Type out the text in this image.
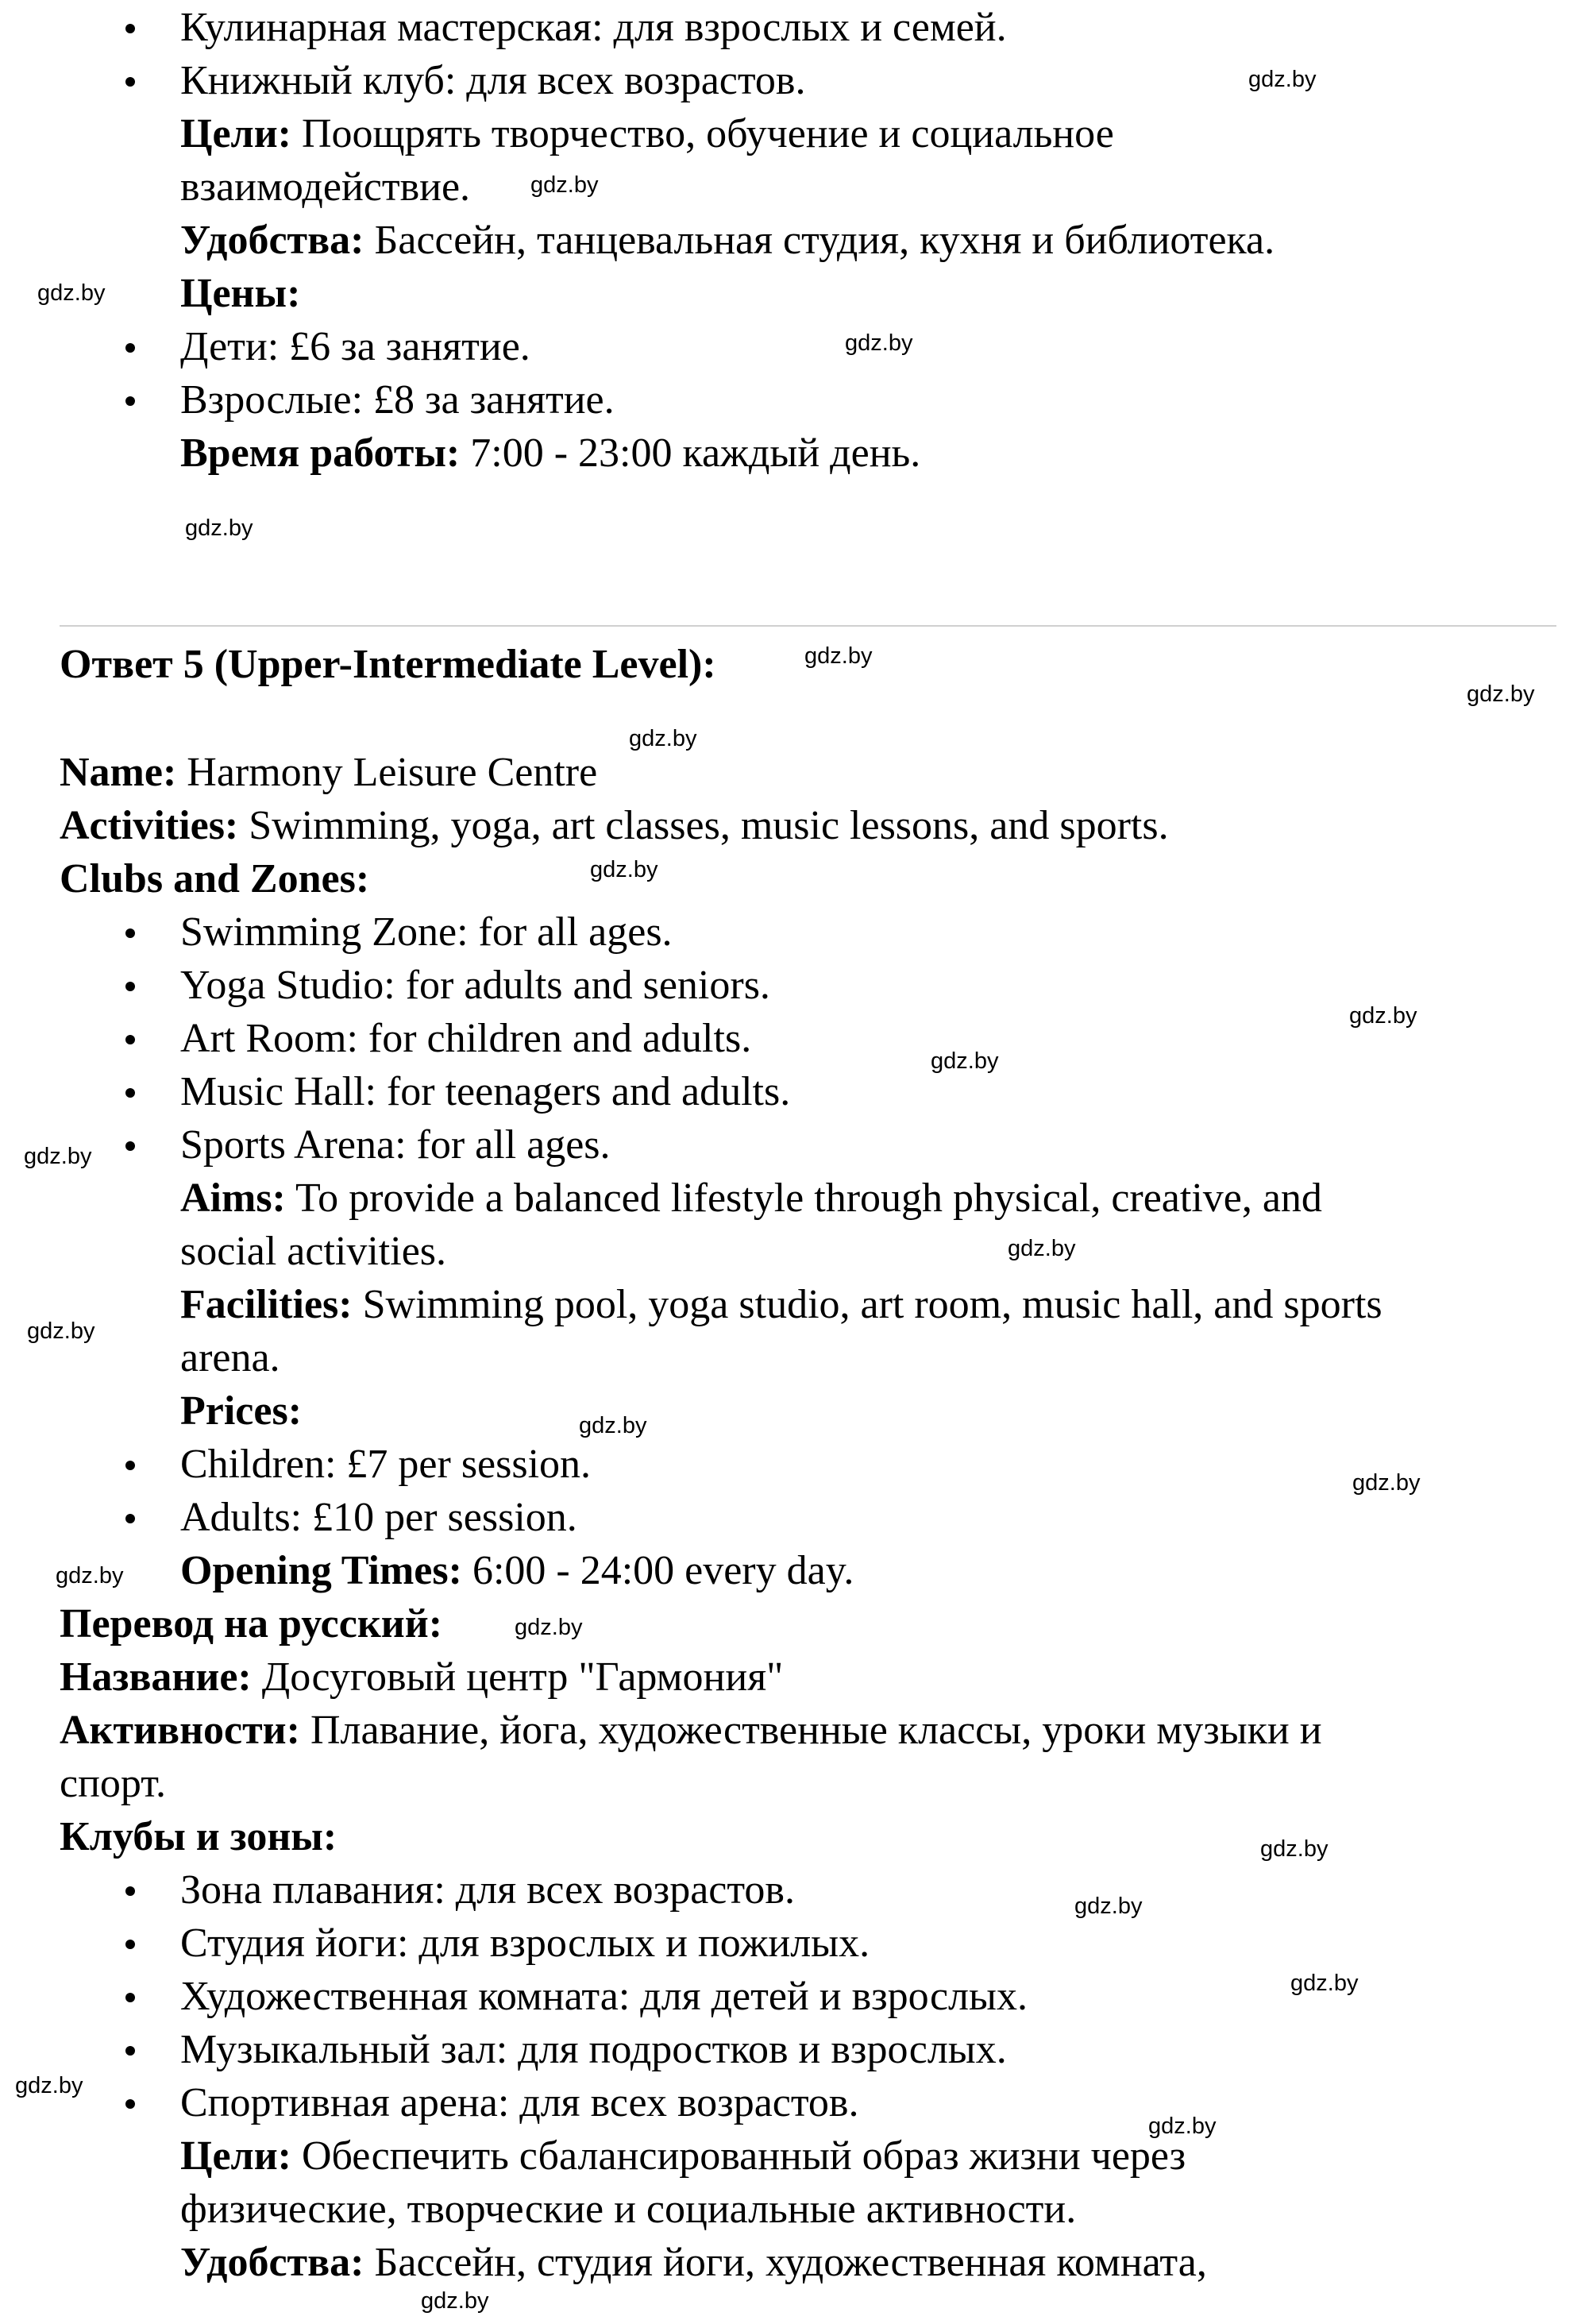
Кулинарная мастерская: для взрослых и семей.
Книжный клуб: для всех возрастов.
Цели: Поощрять творчество, обучение и социальное
взаимодействие.
Удобства: Бассейн, танцевальная студия, кухня и библиотека.
Цены:
Дети: £6 за занятие.
Взрослые: £8 за занятие.
Время работы: 7:00 - 23:00 каждый день.
Ответ 5 (Upper-Intermediate Level):
Name: Harmony Leisure Centre
Activities: Swimming, yoga, art classes, music lessons, and sports.
Clubs and Zones:
Swimming Zone: for all ages.
Yoga Studio: for adults and seniors.
Art Room: for children and adults.
Music Hall: for teenagers and adults.
Sports Arena: for all ages.
Aims: To provide a balanced lifestyle through physical, creative, and
social activities.
Facilities: Swimming pool, yoga studio, art room, music hall, and sports
arena.
Prices:
Children: £7 per session.
Adults: £10 per session.
Opening Times: 6:00 - 24:00 every day.
Перевод на русский:
Название: Досуговый центр "Гармония"
Активности: Плавание, йога, художественные классы, уроки музыки и
спорт.
Клубы и зоны:
Зона плавания: для всех возрастов.
Студия йоги: для взрослых и пожилых.
Художественная комната: для детей и взрослых.
Музыкальный зал: для подростков и взрослых.
Спортивная арена: для всех возрастов.
Цели: Обеспечить сбалансированный образ жизни через
физические, творческие и социальные активности.
Удобства: Бассейн, студия йоги, художественная комната,
gdz.by
gdz.by
gdz.by
gdz.by
gdz.by
gdz.by
gdz.by
gdz.by
gdz.by
gdz.by
gdz.by
gdz.by
gdz.by
gdz.by
gdz.by
gdz.by
gdz.by
gdz.by
gdz.by
gdz.by
gdz.by
gdz.by
gdz.by
gdz.by
